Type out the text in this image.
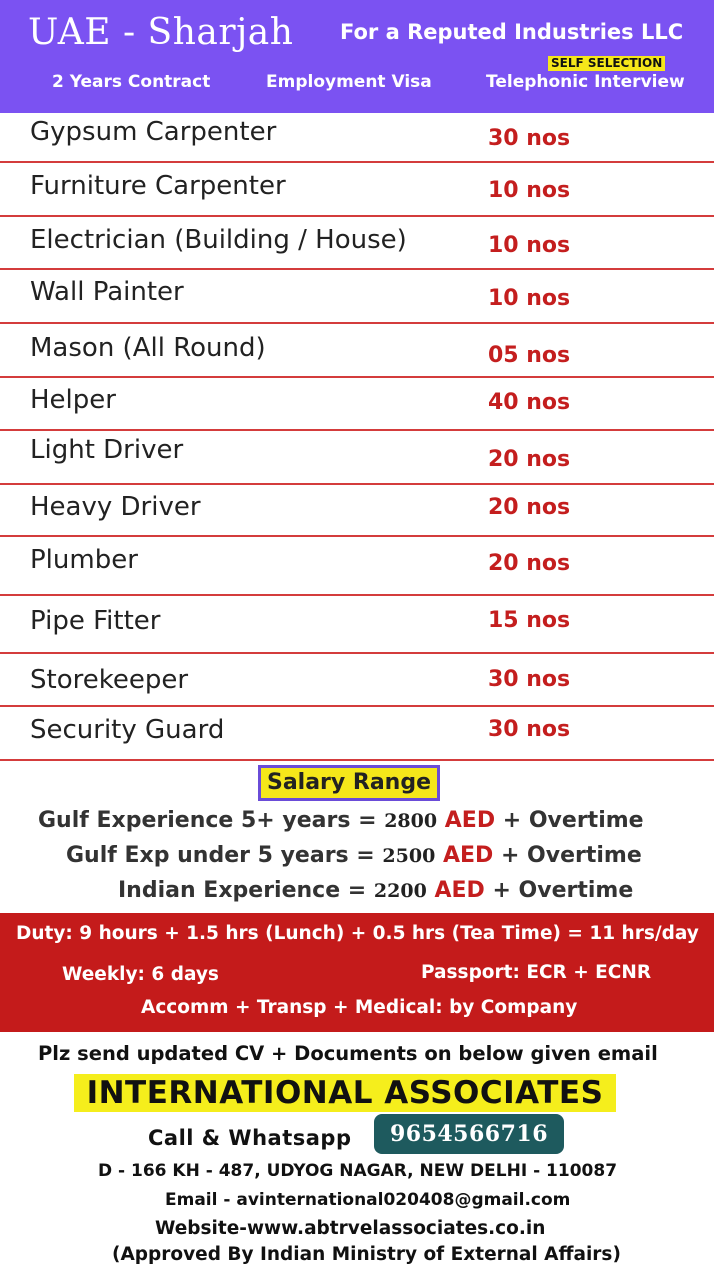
UAE - Sharjah For a Reputed Industries LLC
SELF SELECTION
2 Years Contract	Employment Visa	Telephonic Interview
Gypsum Carpenter	30 nos
Furniture Carpenter	10 nos
Electrician (Building / House)	10 nos
Wall Painter	10 nos
Mason (All Round)	05 nos
Helper	40 nos
Light Driver	20 nos
Heavy Driver	20 nos
Plumber	20 nos
Pipe Fitter	15 nos
Storekeeper	30 nos
Security Guard	30 nos
Salary Range
Gulf Experience 5+ years = 2800 AED + Overtime
Gulf Exp under 5 years = 2500 AED + Overtime
Indian Experience = 2200 AED + Overtime
Duty: 9 hours + 1.5 hrs (Lunch) + 0.5 hrs (Tea Time) = 11 hrs/day
Weekly: 6 days	Passport: ECR + ECNR
Accomm + Transp + Medical: by Company
Plz send updated CV + Documents on below given email
INTERNATIONAL ASSOCIATES
Call & Whatsapp	9654566716
D - 166 KH - 487, UDYOG NAGAR, NEW DELHI - 110087
Email - avinternational020408@gmail.com
Website-www.abtrvelassociates.co.in
(Approved By Indian Ministry of External Affairs)
